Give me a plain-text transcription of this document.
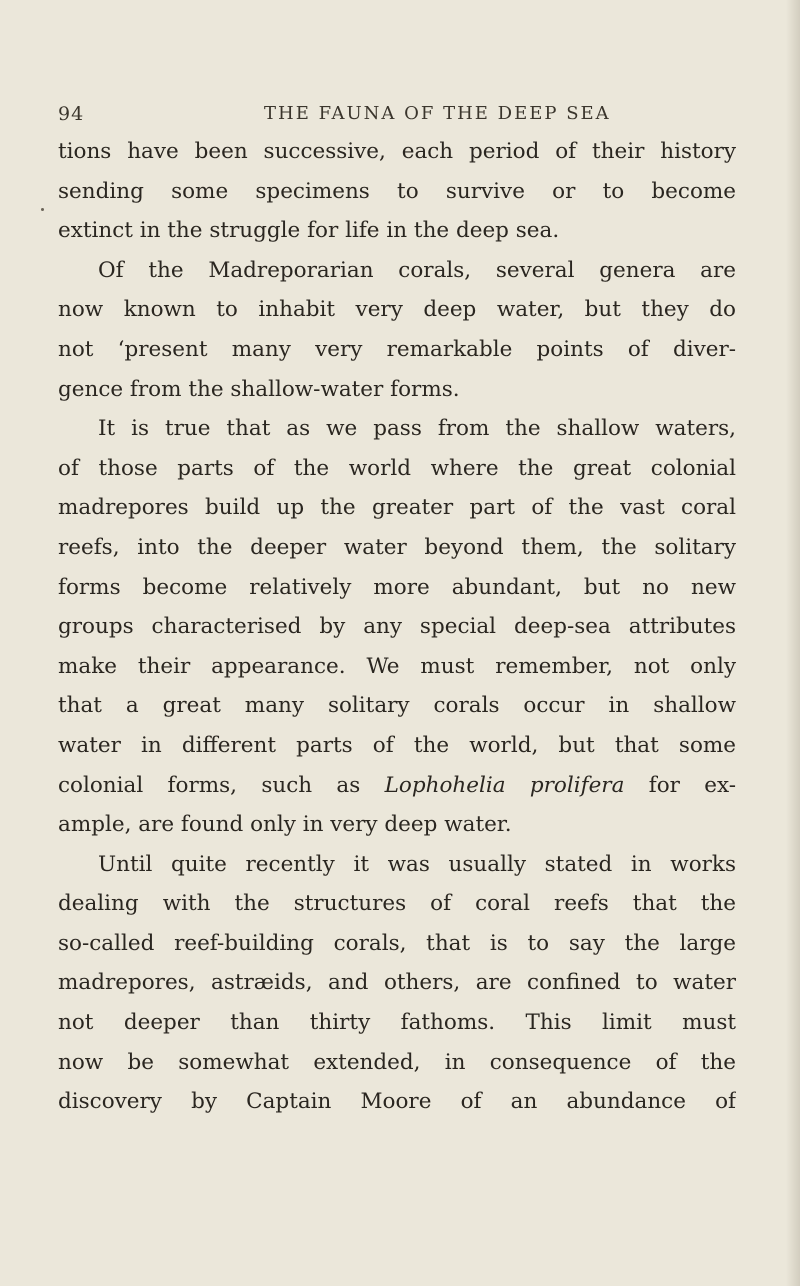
94	THE FAUNA OF THE DEEP SEA
tions have been successive, each period of their history
sending some specimens to survive or to become
extinct in the struggle for life in the deep sea.
Of the Madreporarian corals, several genera are
now known to inhabit very deep water, but they do
not ‘present many very remarkable points of diver-
gence from the shallow-water forms.
It is true that as we pass from the shallow waters,
of those parts of the world where the great colonial
madrepores build up the greater part of the vast coral
reefs, into the deeper water beyond them, the solitary
forms become relatively more abundant, but no new
groups characterised by any special deep-sea attributes
make their appearance. We must remember, not only
that a great many solitary corals occur in shallow
water in different parts of the world, but that some
colonial forms, such as Lophohelia prolifera for ex-
ample, are found only in very deep water.
Until quite recently it was usually stated in works
dealing with the structures of coral reefs that the
so-called reef-building corals, that is to say the large
madrepores, astræids, and others, are confined to water
not deeper than thirty fathoms. This limit must
now be somewhat extended, in consequence of the
discovery by Captain Moore of an abundance of
